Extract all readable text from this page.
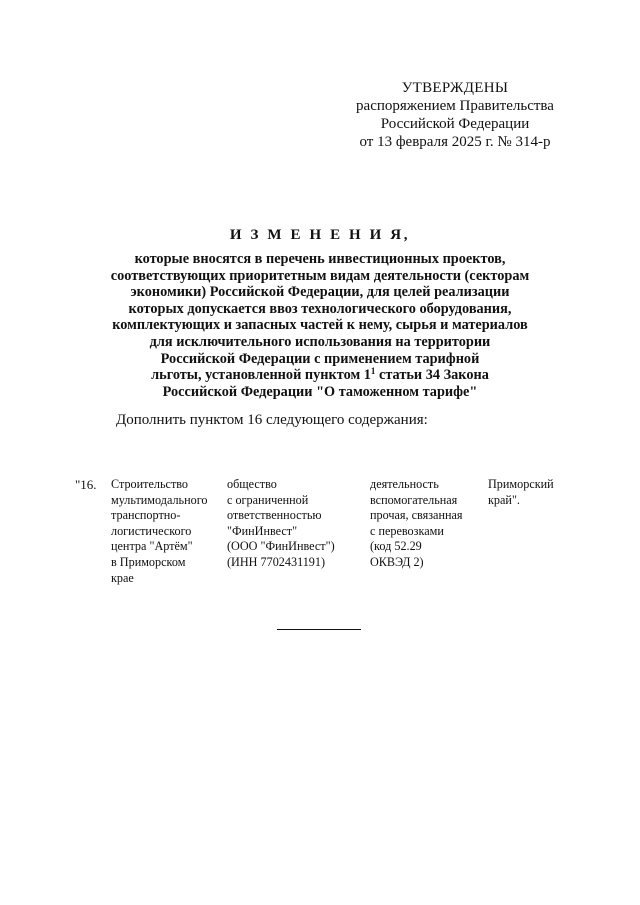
УТВЕРЖДЕНЫ
распоряжением Правительства
Российской Федерации
от 13 февраля 2025 г. № 314-р
И З М Е Н Е Н И Я,
которые вносятся в перечень инвестиционных проектов,
соответствующих приоритетным видам деятельности (секторам
экономики) Российской Федерации, для целей реализации
которых допускается ввоз технологического оборудования,
комплектующих и запасных частей к нему, сырья и материалов
для исключительного использования на территории
Российской Федерации с применением тарифной
льготы, установленной пунктом $1^1$ статьи 34 Закона
Российской Федерации "О таможенном тарифе"
Дополнить пунктом 16 следующего содержания:
"16. Строительство
мультимодального
транспортно-
логистического
центра "Артём"
в Приморском
крае
общество
с ограниченной
ответственностью
"ФинИнвест"
(ООО "ФинИнвест")
(ИНН 7702431191)
деятельность
вспомогательная
прочая, связанная
с перевозками
(код 52.29
ОКВЭД 2)
Приморский
край".
